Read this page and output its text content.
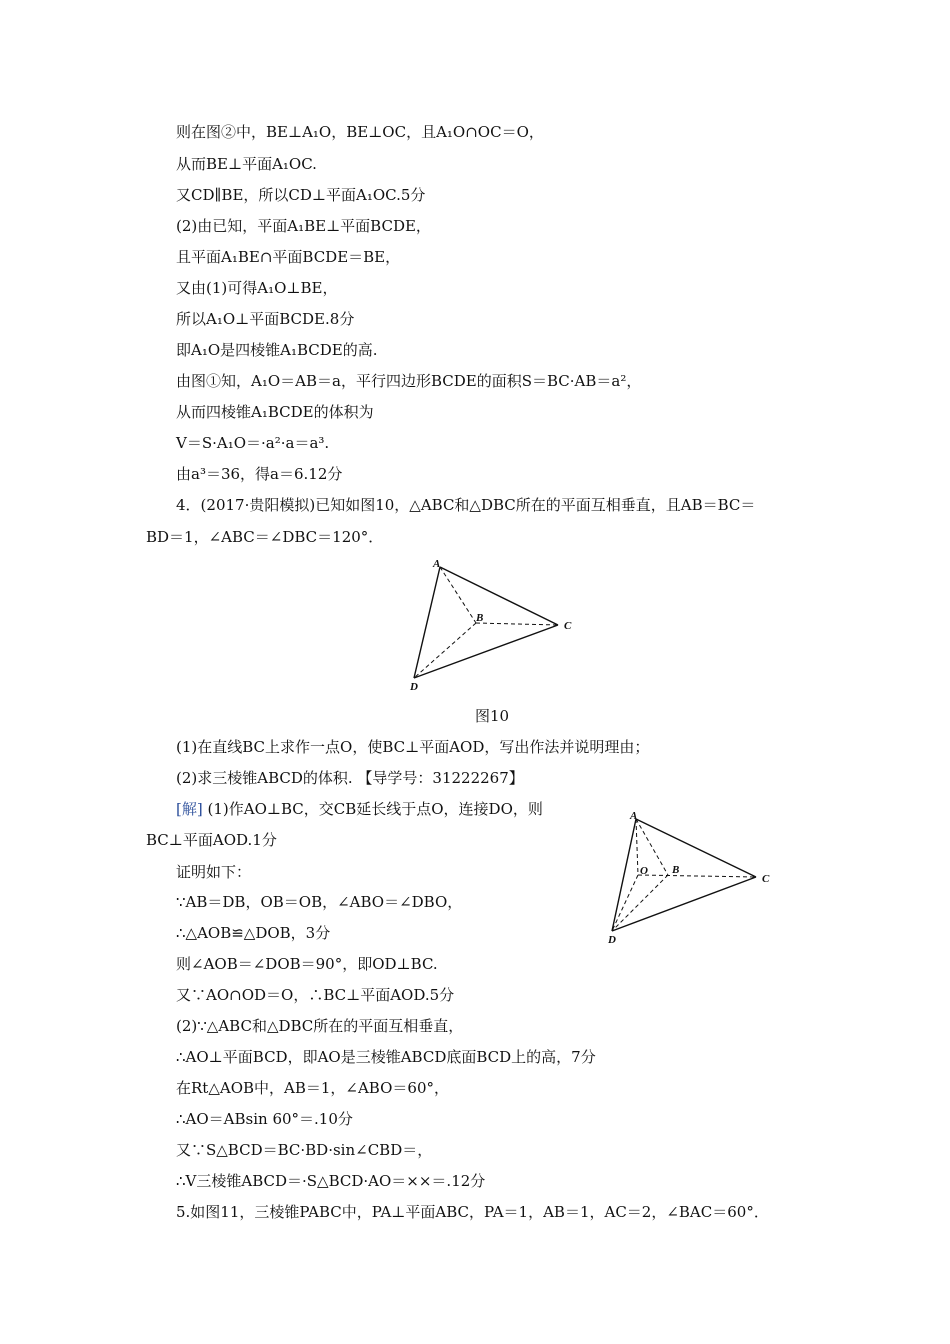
则在图②中，BE⊥A₁O，BE⊥OC，且A₁O∩OC＝O，
从而BE⊥平面A₁OC.
又CD∥BE，所以CD⊥平面A₁OC.5分
(2)由已知，平面A₁BE⊥平面BCDE，
且平面A₁BE∩平面BCDE＝BE，
又由(1)可得A₁O⊥BE，
所以A₁O⊥平面BCDE.8分
即A₁O是四棱锥A₁BCDE的高.
由图①知，A₁O＝AB＝a，平行四边形BCDE的面积S＝BC·AB＝a²，
从而四棱锥A₁BCDE的体积为
V＝S·A₁O＝·a²·a＝a³.
由a³＝36，得a＝6.12分
4．(2017·贵阳模拟)已知如图10，△ABC和△DBC所在的平面互相垂直，且AB＝BC＝
BD＝1，∠ABC＝∠DBC＝120°．
A
B
C
D
图10
(1)在直线BC上求作一点O，使BC⊥平面AOD，写出作法并说明理由；
(2)求三棱锥ABCD的体积. 【导学号：31222267】
[解] (1)作AO⊥BC，交CB延长线于点O，连接DO，则
BC⊥平面AOD.1分
证明如下：
∵AB＝DB，OB＝OB，∠ABO＝∠DBO，
∴△AOB≌△DOB，3分
则∠AOB＝∠DOB＝90°，即OD⊥BC.
又∵AO∩OD＝O，∴BC⊥平面AOD.5分
(2)∵△ABC和△DBC所在的平面互相垂直，
∴AO⊥平面BCD，即AO是三棱锥ABCD底面BCD上的高，7分
在Rt△AOB中，AB＝1，∠ABO＝60°，
∴AO＝ABsin 60°＝.10分
又∵S△BCD＝BC·BD·sin∠CBD＝，
∴V三棱锥ABCD＝·S△BCD·AO＝××＝.12分
5.如图11，三棱锥PABC中，PA⊥平面ABC，PA＝1，AB＝1，AC＝2，∠BAC＝60°．
A
O B
C
D
